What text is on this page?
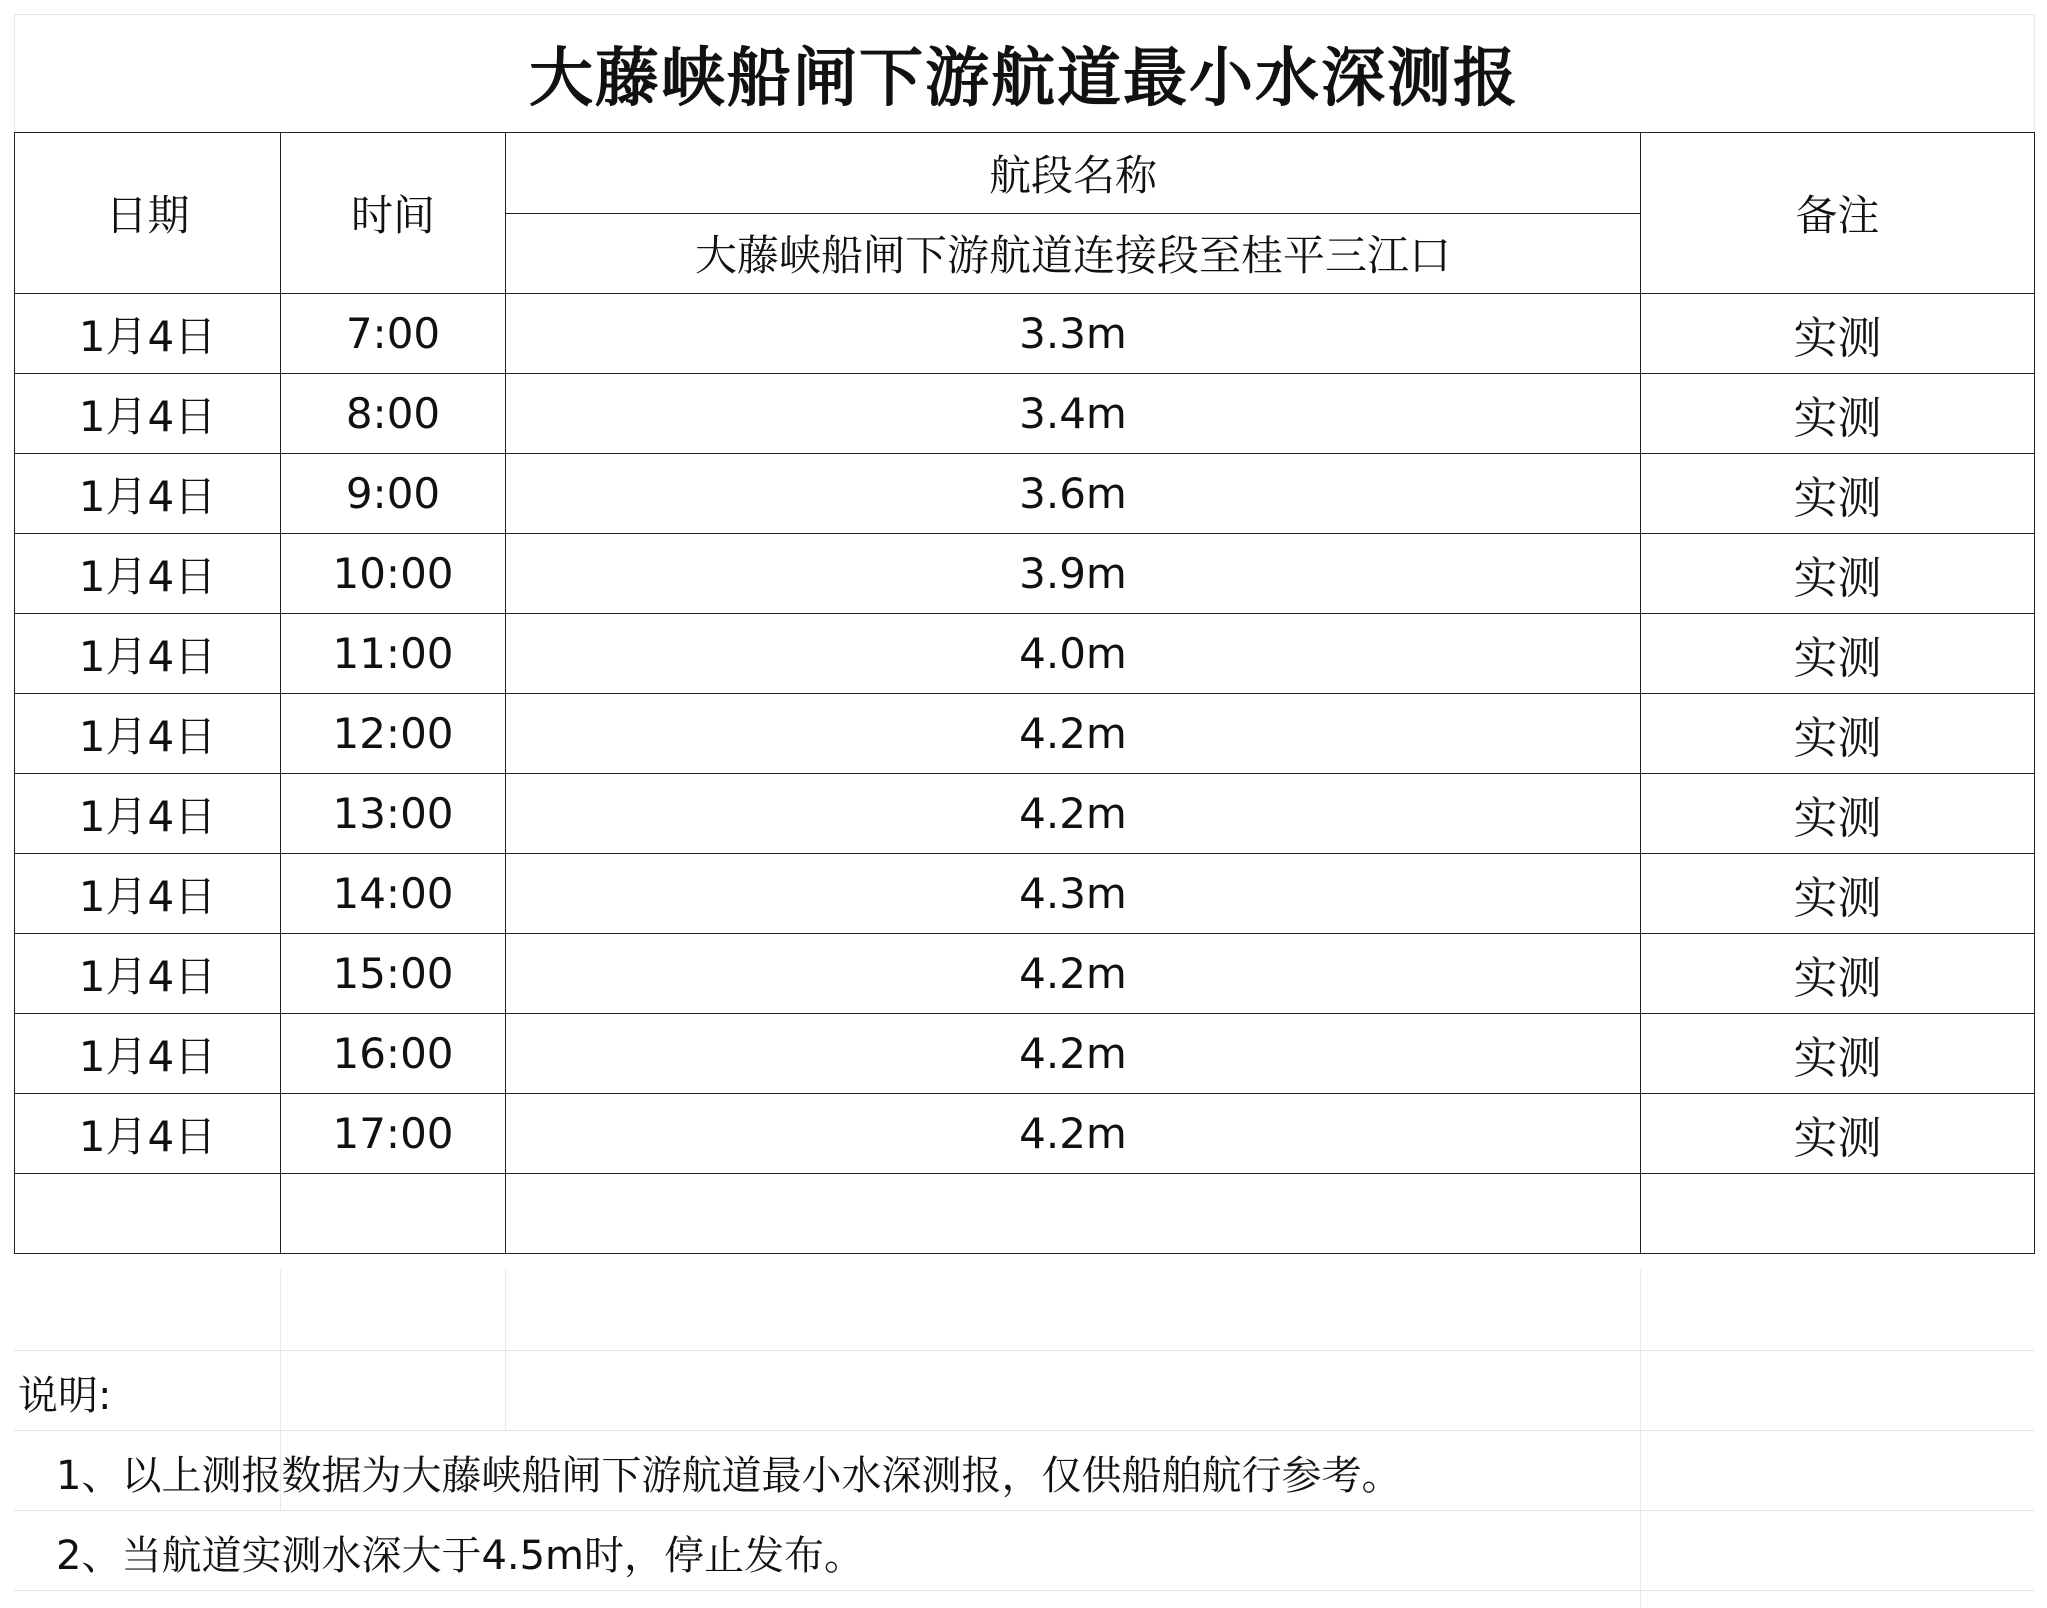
大藤峡船闸下游航道最小水深测报
日期	时间	航段名称	备注
		大藤峡船闸下游航道连接段至桂平三江口	
1月4日	7:00	3.3m	实测
1月4日	8:00	3.4m	实测
1月4日	9:00	3.6m	实测
1月4日	10:00	3.9m	实测
1月4日	11:00	4.0m	实测
1月4日	12:00	4.2m	实测
1月4日	13:00	4.2m	实测
1月4日	14:00	4.3m	实测
1月4日	15:00	4.2m	实测
1月4日	16:00	4.2m	实测
1月4日	17:00	4.2m	实测

说明:
1、以上测报数据为大藤峡船闸下游航道最小水深测报，仅供船舶航行参考。
2、当航道实测水深大于4.5m时，停止发布。
